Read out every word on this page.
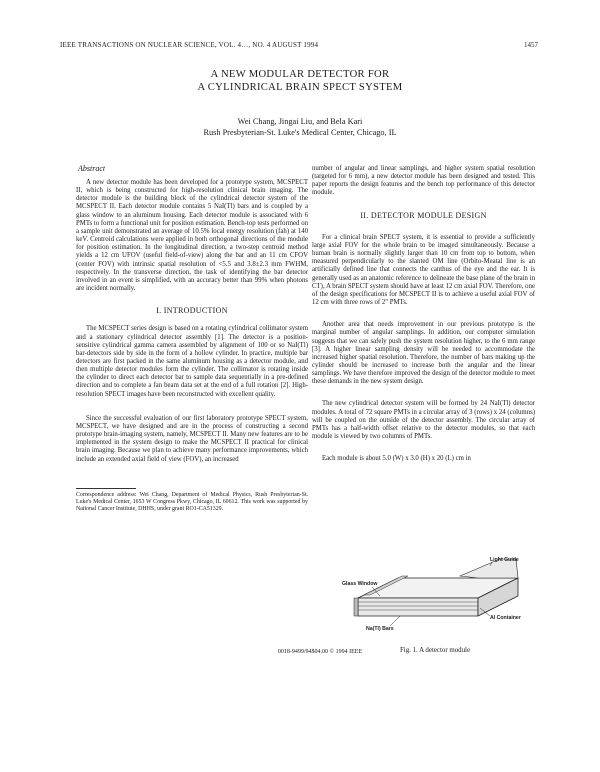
IEEE TRANSACTIONS ON NUCLEAR SCIENCE, VOL. 4…, NO. 4 AUGUST 1994	1457
A NEW MODULAR DETECTOR FOR
A CYLINDRICAL BRAIN SPECT SYSTEM
Wei Chang, Jingai Liu, and Bela Kari
Rush Presbyterian-St. Luke's Medical Center, Chicago, IL
Abstract

A new detector module has been developed for a prototype system, MCSPECT II, which is being constructed for high-resolution clinical brain imaging. The detector module is the building block of the cylindrical detector system of the MCSPECT II. Each detector module contains 5 NaI(Tl) bars and is coupled by a glass window to an aluminum housing. Each detector module is associated with 6 PMTs to form a functional unit for position estimation. Bench-top tests performed on a sample unit demonstrated an average of 10.5% local energy resolution (fah) at 140 keV. Centroid calculations were applied in both orthogonal directions of the module for position estimation. In the longitudinal direction, a two-step centroid method yields a 12 cm UFOV (useful field-of-view) along the bar and an 11 cm CFOV (center FOV) with intrinsic spatial resolution of <5.5 and 3.8±2.3 mm FWHM, respectively. In the transverse direction, the task of identifying the bar detector involved in an event is simplified, with an accuracy better than 99% when photons are incident normally.

I. INTRODUCTION

The MCSPECT series design is based on a rotating cylindrical collimator system and a stationary cylindrical detector assembly [1]. The detector is a position-sensitive cylindrical gamma camera assembled by alignment of 100 or so NaI(Tl) bar-detectors side by side in the form of a hollow cylinder. In practice, multiple bar detectors are first packed in the same aluminum housing as a detector module, and then multiple detector modules form the cylinder. The collimator is rotating inside the cylinder to direct each detector bar to sample data sequentially in a pre-defined direction and to complete a fan beam data set at the end of a full rotation [2]. High-resolution SPECT images have been reconstructed with excellent quality.

Since the successful evaluation of our first laboratory prototype SPECT system, MCSPECT, we have designed and are in the process of constructing a second prototype brain-imaging system, namely, MCSPECT II. Many new features are to be implemented in the system design to make the MCSPECT II practical for clinical brain imaging. Because we plan to achieve many performance improvements, which include an extended axial field of view (FOV), an increased

Correspondence address: Wei Chang, Department of Medical Physics, Rush Presbyterian-St. Luke's Medical Center, 1653 W Congress Pkwy, Chicago, IL 60612. This work was supported by National Cancer Institute, DHHS, under grant RO1-CA51329.

number of angular and linear samplings, and higher system spatial resolution (targeted for 6 mm), a new detector module has been designed and tested. This paper reports the design features and the bench top performance of this detector module.

II. DETECTOR MODULE DESIGN

For a clinical brain SPECT system, it is essential to provide a sufficiently large axial FOV for the whole brain to be imaged simultaneously. Because a human brain is normally slightly larger than 10 cm from top to bottom, when measured perpendicularly to the slanted OM line (Orbito-Meatal line is an artificially defined line that connects the canthus of the eye and the ear. It is generally used as an anatomic reference to delineate the base plane of the brain in CT), A brain SPECT system should have at least 12 cm axial FOV. Therefore, one of the design specifications for MCSPECT II is to achieve a useful axial FOV of 12 cm with three rows of 2" PMTs.

Another area that needs improvement in our previous prototype is the marginal number of angular samplings. In addition, our computer simulation suggests that we can safely push the system resolution higher, to the 6 mm range [3]. A higher linear sampling density will be needed to accommodate the increased higher spatial resolution. Therefore, the number of bars making up the cylinder should be increased to increase both the angular and the linear samplings. We have therefore improved the design of the detector module to meet these demands in the new system design.

The new cylindrical detector system will be formed by 24 NaI(Tl) detector modules. A total of 72 square PMTs in a circular array of 3 (rows) x 24 (columns) will be coupled on the outside of the detector assembly. The circular array of PMTs has a half-width offset relative to the detector modules, so that each module is viewed by two columns of PMTs.

Each module is about 5.0 (W) x 3.0 (H) x 20 (L) cm in

Light Guide
Glass Window
Al Container
Na(Tl) Bars
Fig. 1. A detector module
0018-9499/94$04.00 © 1994 IEEE
